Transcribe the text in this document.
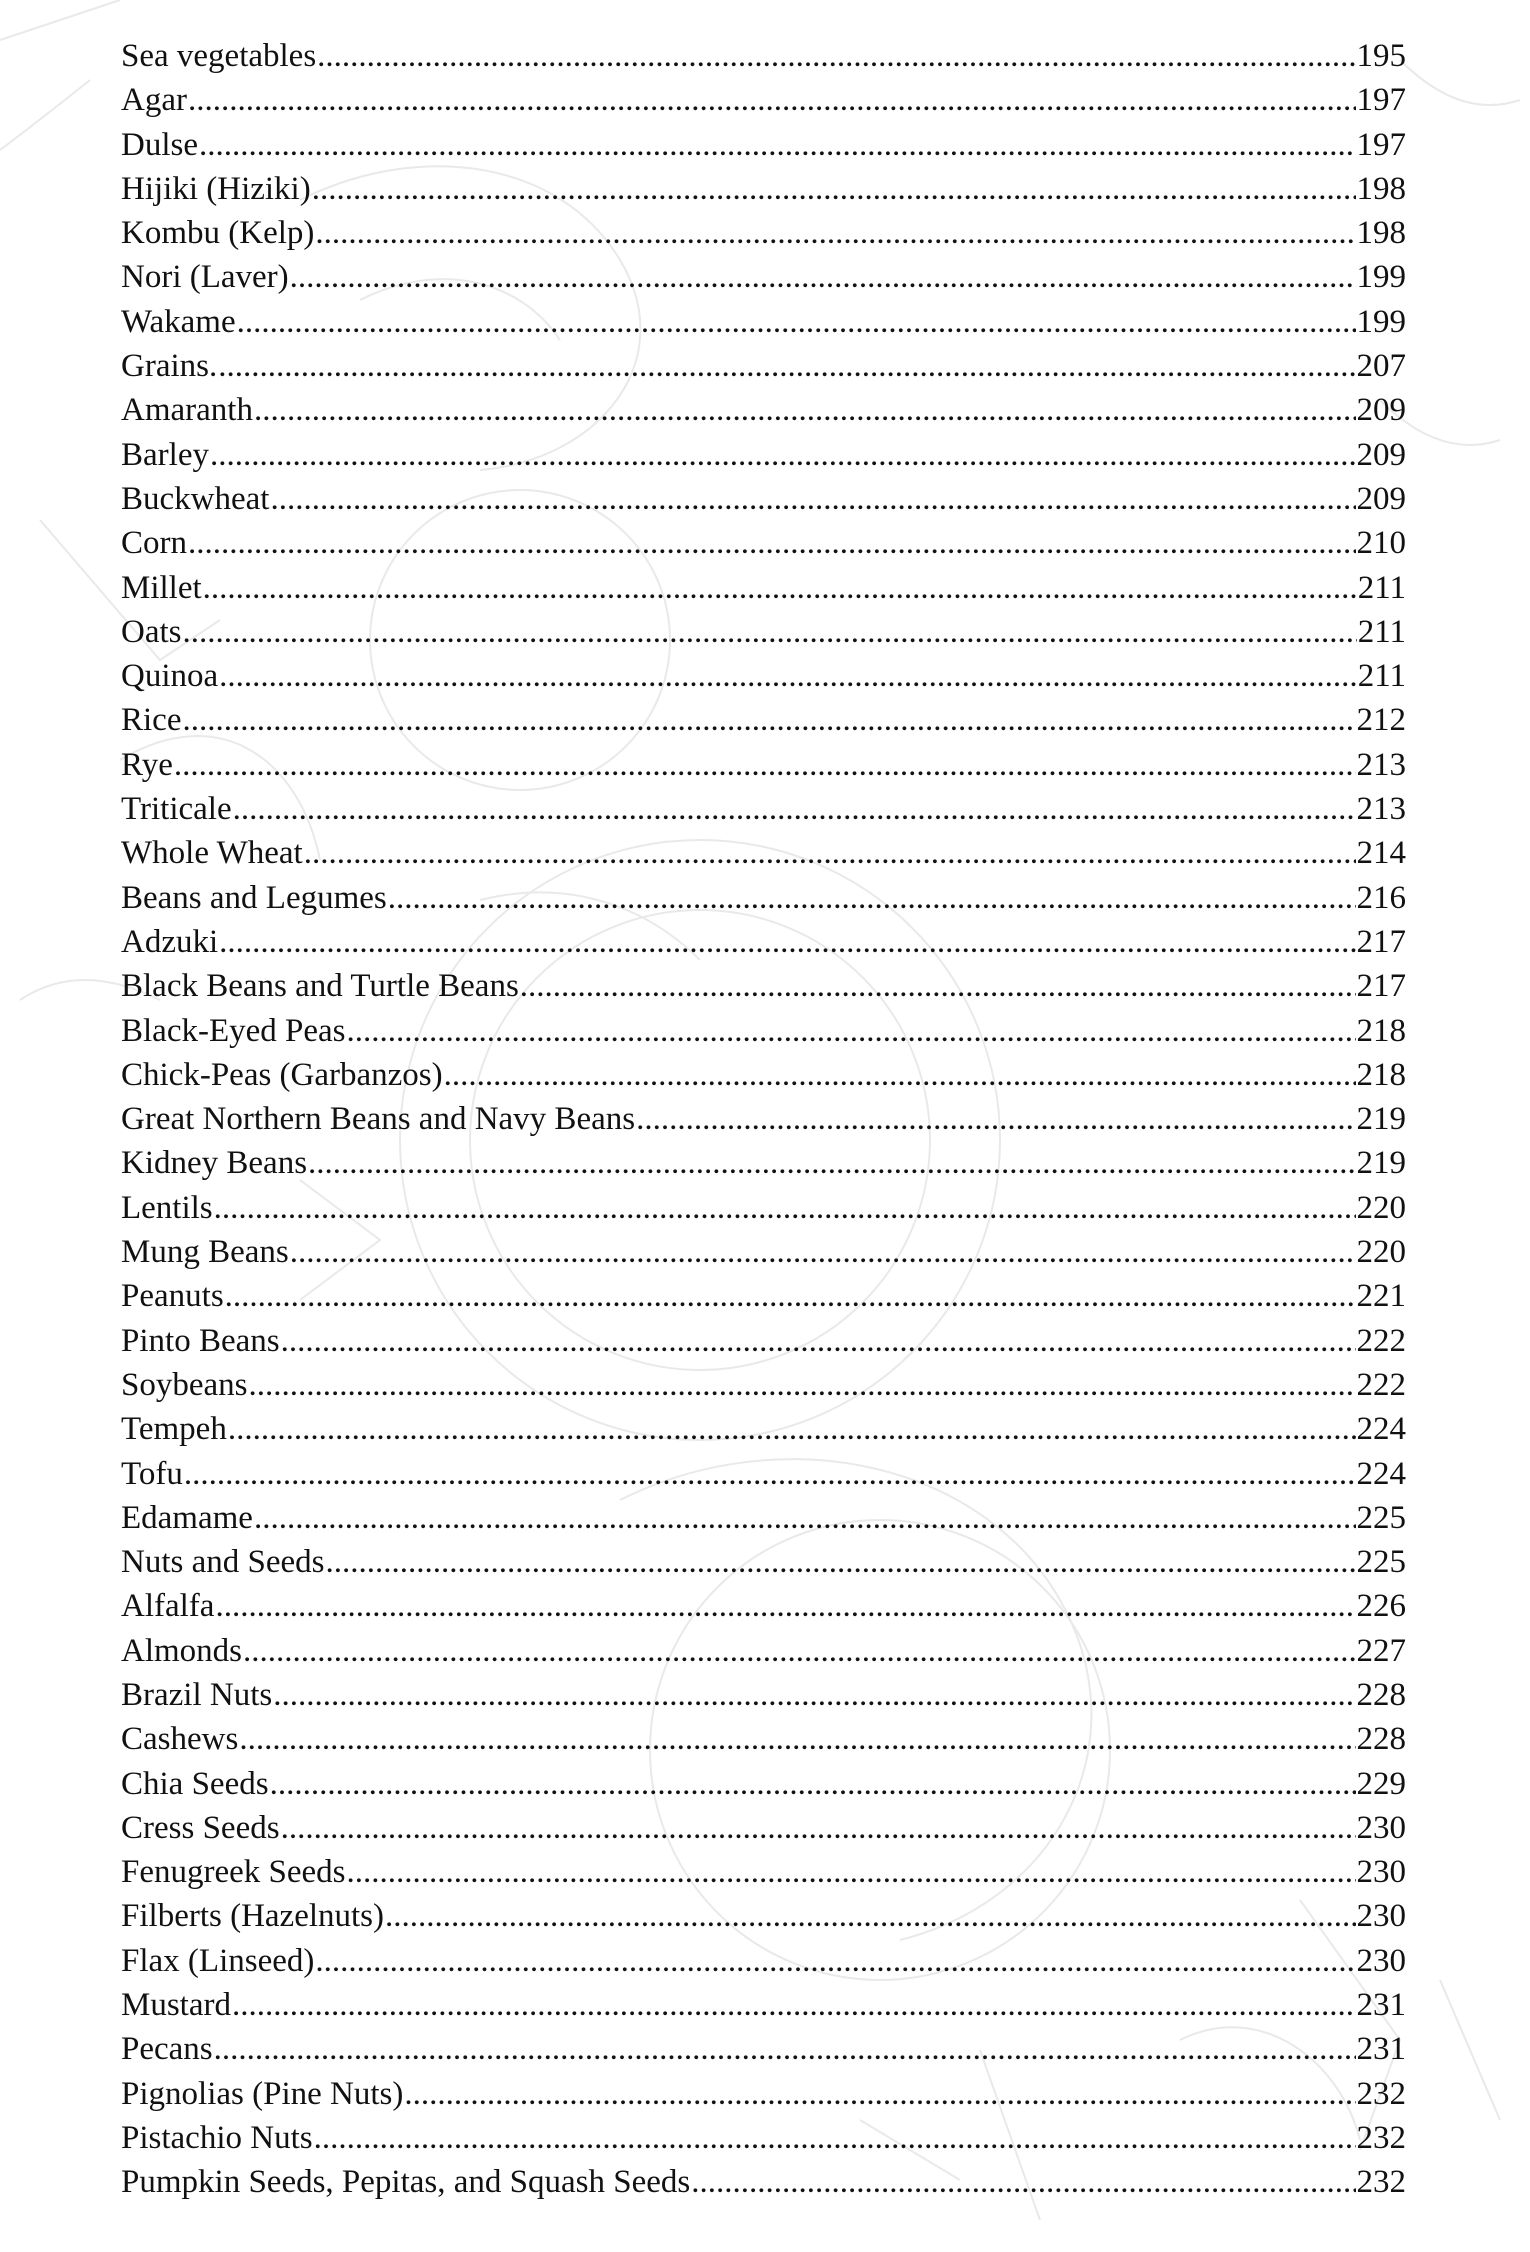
Sea vegetables .....	195
Agar .....	197
Dulse .....	197
Hijiki (Hiziki) .....	198
Kombu (Kelp) .....	198
Nori (Laver) .....	199
Wakame .....	199
Grains. .....	207
Amaranth .....	209
Barley .....	209
Buckwheat .....	209
Corn .....	210
Millet .....	211
Oats .....	211
Quinoa .....	211
Rice .....	212
Rye .....	213
Triticale .....	213
Whole Wheat .....	214
Beans and Legumes .....	216
Adzuki .....	217
Black Beans and Turtle Beans .....	217
Black-Eyed Peas .....	218
Chick-Peas (Garbanzos) .....	218
Great Northern Beans and Navy Beans .....	219
Kidney Beans .....	219
Lentils .....	220
Mung Beans .....	220
Peanuts .....	221
Pinto Beans .....	222
Soybeans .....	222
Tempeh .....	224
Tofu .....	224
Edamame .....	225
Nuts and Seeds .....	225
Alfalfa .....	226
Almonds .....	227
Brazil Nuts .....	228
Cashews .....	228
Chia Seeds .....	229
Cress Seeds .....	230
Fenugreek Seeds .....	230
Filberts (Hazelnuts) .....	230
Flax (Linseed) .....	230
Mustard .....	231
Pecans .....	231
Pignolias (Pine Nuts) .....	232
Pistachio Nuts .....	232
Pumpkin Seeds, Pepitas, and Squash Seeds .....	232
